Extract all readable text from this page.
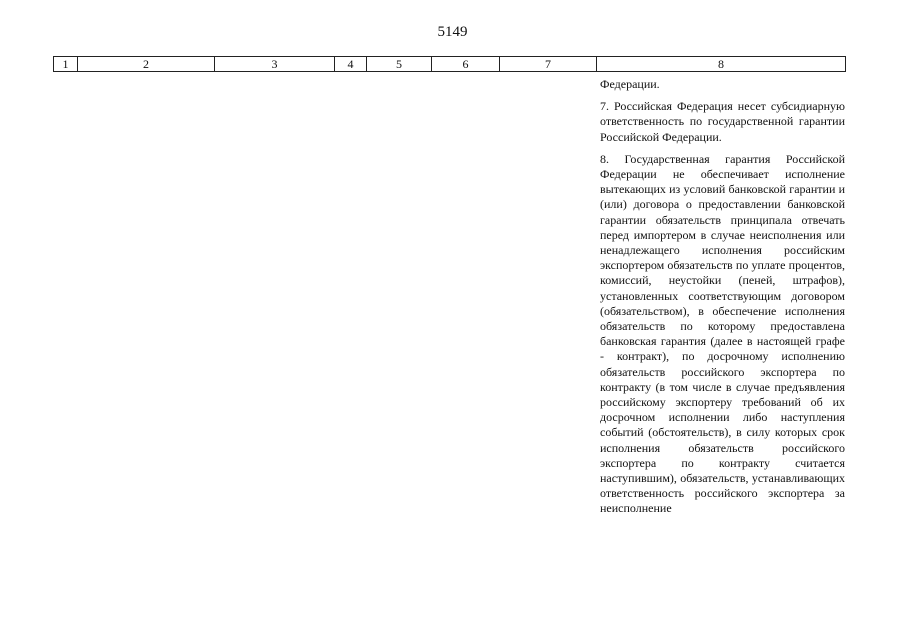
5149
1	2	3	4	5	6	7	8

Федерации.

7. Российская Федерация несет субсидиарную ответственность по государственной гарантии Российской Федерации.

8. Государственная гарантия Российской Федерации не обеспечивает исполнение вытекающих из условий банковской гарантии и (или) договора о предоставлении банковской гарантии обязательств принципала отвечать перед импортером в случае неисполнения или ненадлежащего исполнения российским экспортером обязательств по уплате процентов, комиссий, неустойки (пеней, штрафов), установленных соответствующим договором (обязательством), в обеспечение исполнения обязательств по которому предоставлена банковская гарантия (далее в настоящей графе - контракт), по досрочному исполнению обязательств российского экспортера по контракту (в том числе в случае предъявления российскому экспортеру требований об их досрочном исполнении либо наступления событий (обстоятельств), в силу которых срок исполнения обязательств российского экспортера по контракту считается наступившим), обязательств, устанавливающих ответственность российского экспортера за неисполнение
